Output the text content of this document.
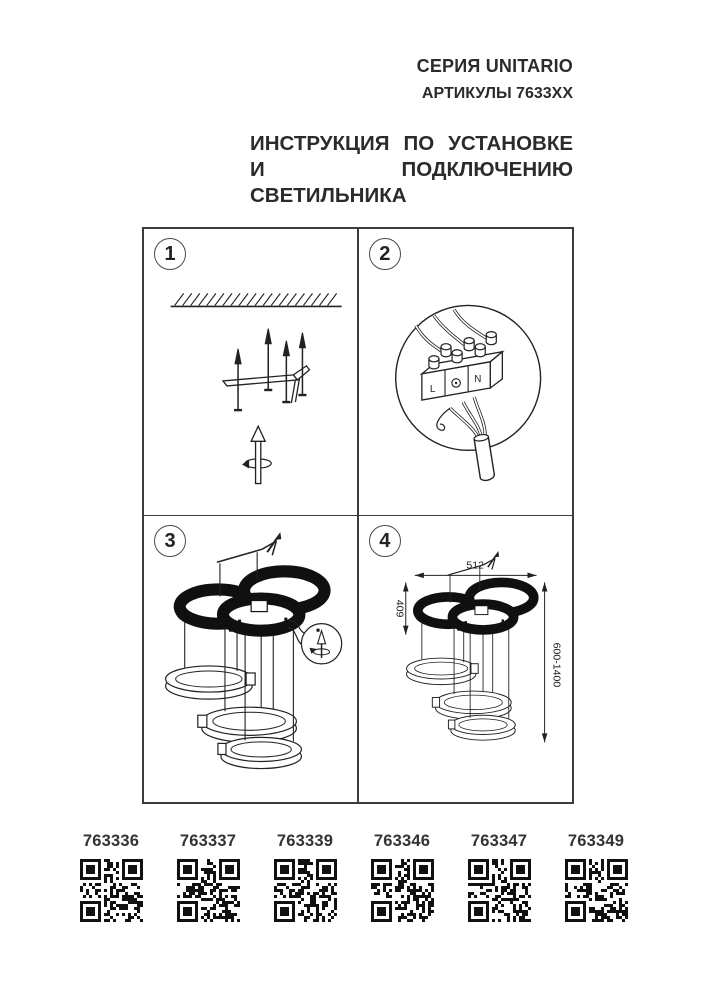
СЕРИЯ UNITARIO
АРТИКУЛЫ 7633XX
ИНСТРУКЦИЯ ПО УСТАНОВКЕ
И ПОДКЛЮЧЕНИЮ СВЕТИЛЬНИКА
1	2
L
N
3	4
512
409
600-1400
763336 763337 763339 763346 763347 763349
